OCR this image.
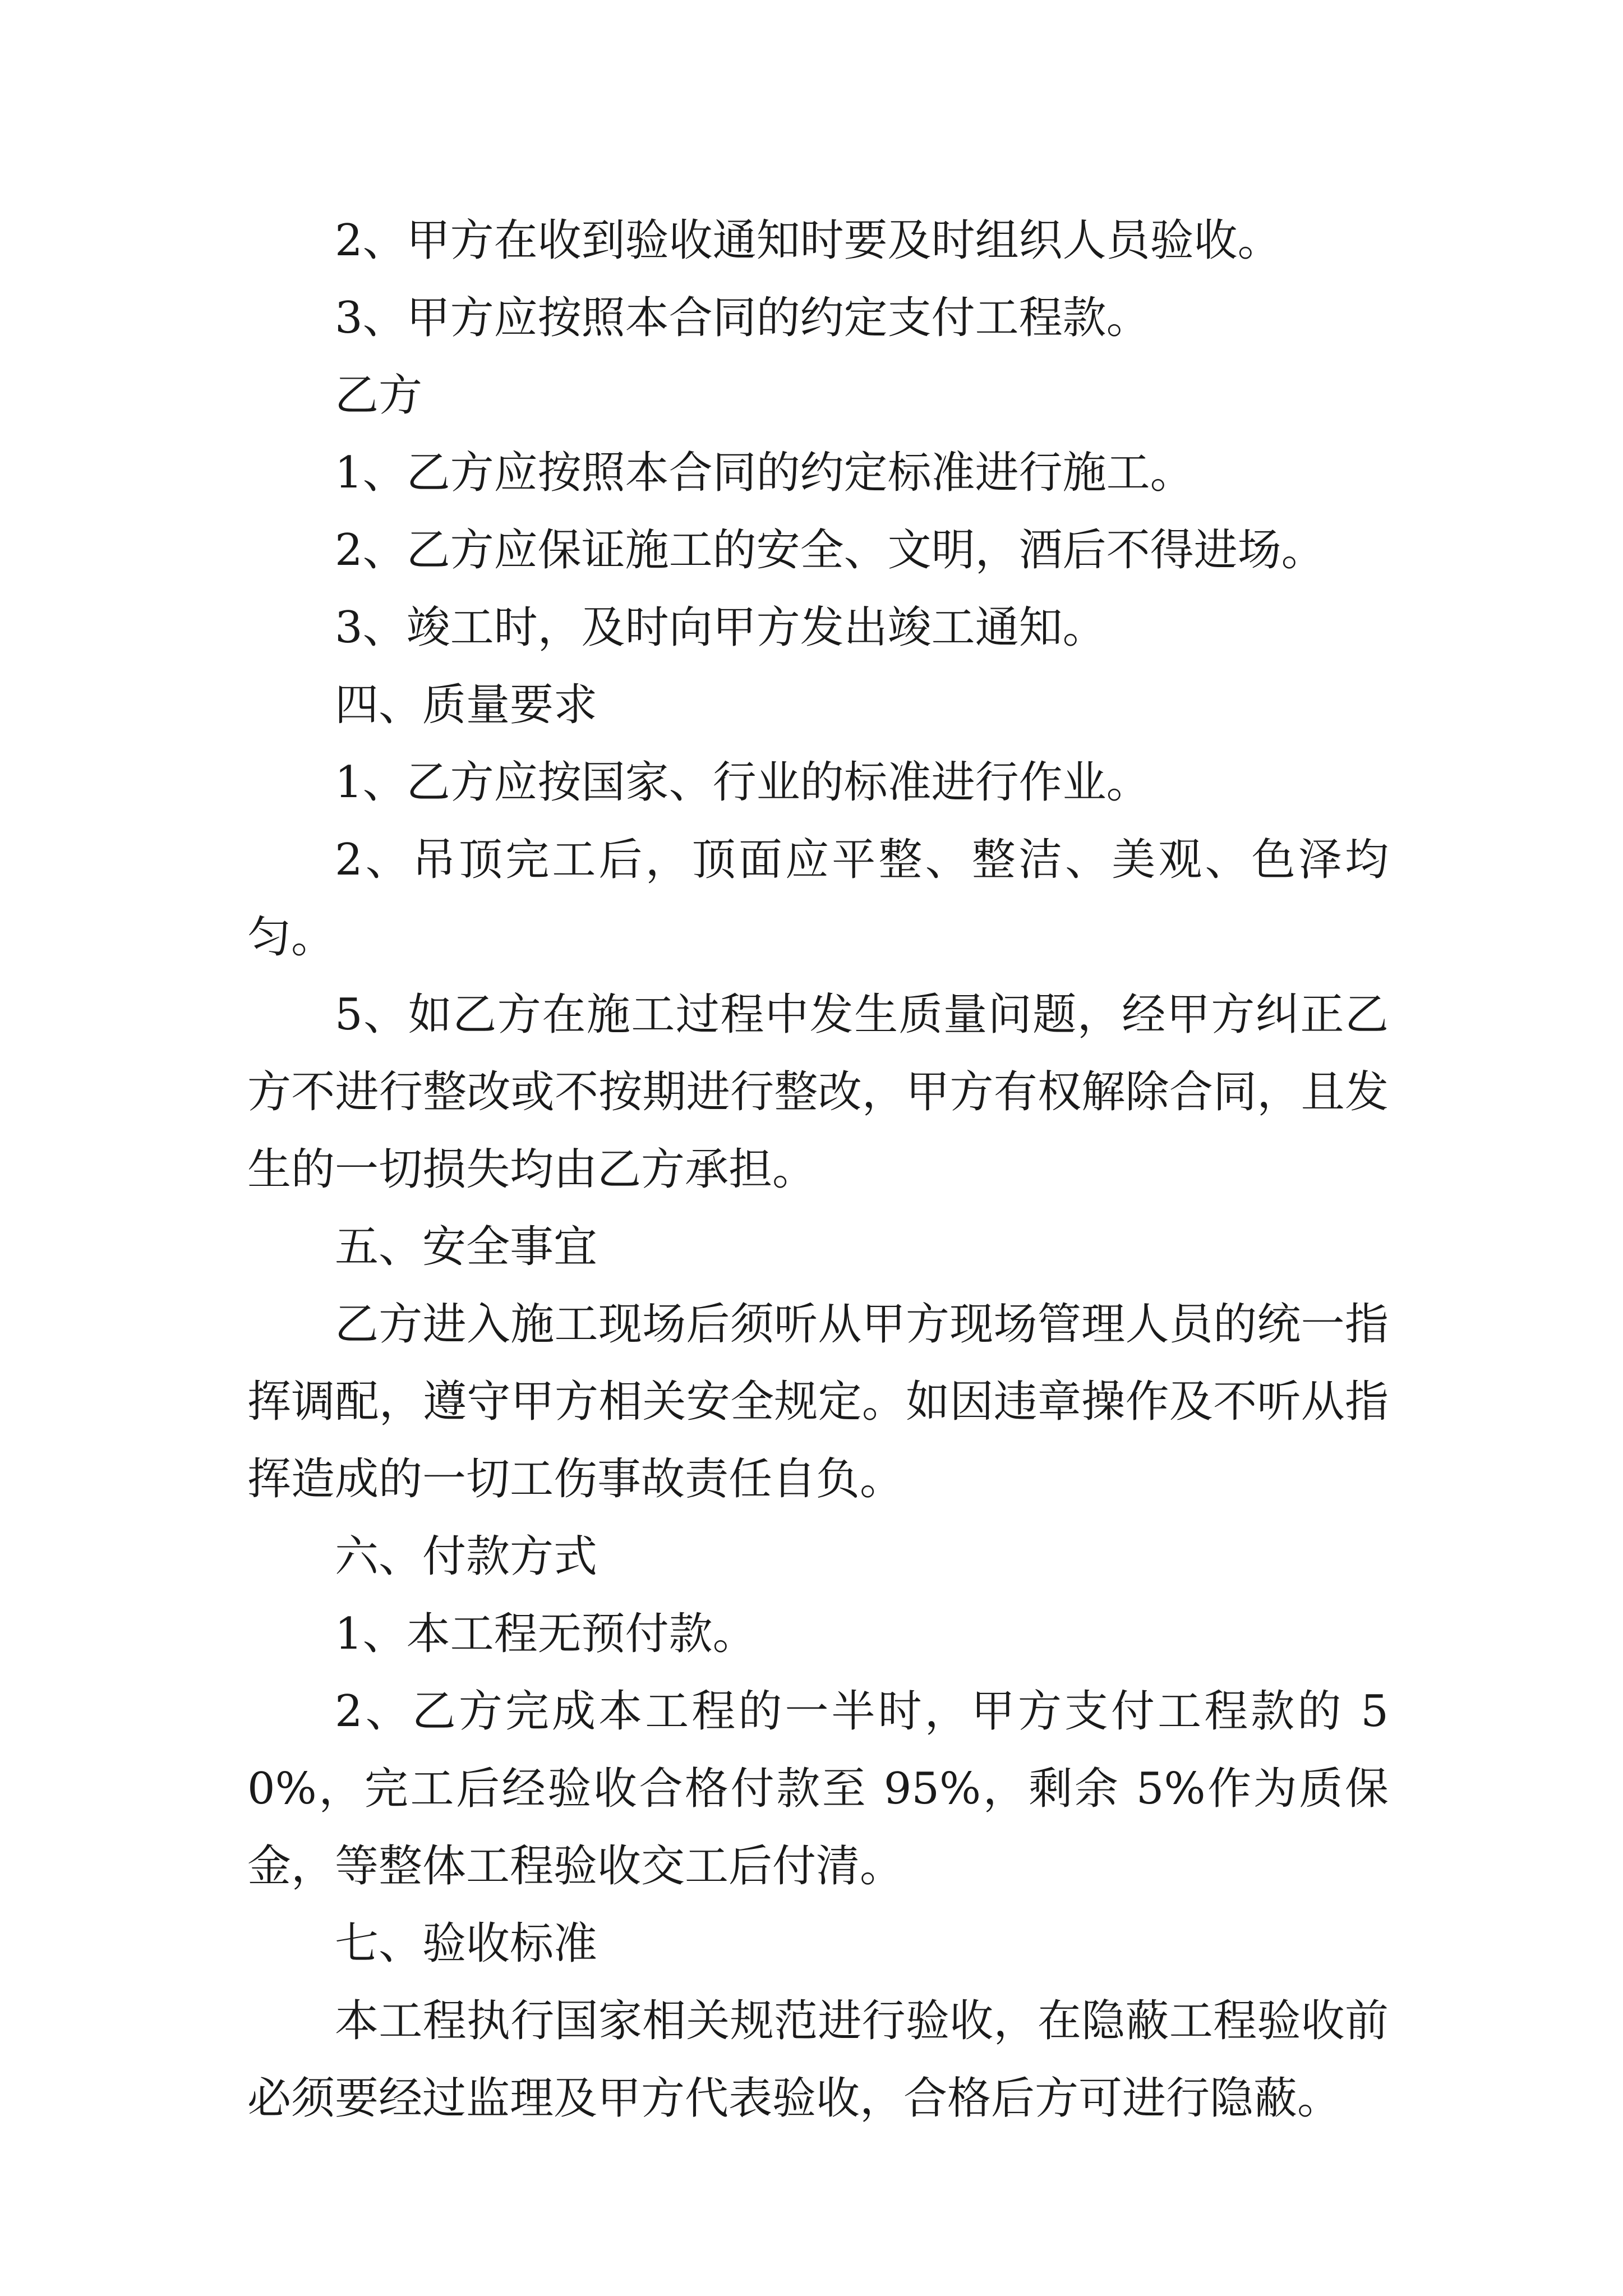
2、甲方在收到验收通知时要及时组织人员验收。

3、甲方应按照本合同的约定支付工程款。

乙方

1、乙方应按照本合同的约定标准进行施工。

2、乙方应保证施工的安全、文明，酒后不得进场。

3、竣工时，及时向甲方发出竣工通知。

四、质量要求

1、乙方应按国家、行业的标准进行作业。

2、吊顶完工后，顶面应平整、整洁、美观、色泽均匀。

5、如乙方在施工过程中发生质量问题，经甲方纠正乙方不进行整改或不按期进行整改，甲方有权解除合同，且发生的一切损失均由乙方承担。

五、安全事宜

乙方进入施工现场后须听从甲方现场管理人员的统一指挥调配，遵守甲方相关安全规定。如因违章操作及不听从指挥造成的一切工伤事故责任自负。

六、付款方式

1、本工程无预付款。

2、乙方完成本工程的一半时，甲方支付工程款的 50%，完工后经验收合格付款至 95%，剩余 5%作为质保金，等整体工程验收交工后付清。

七、验收标准

本工程执行国家相关规范进行验收，在隐蔽工程验收前必须要经过监理及甲方代表验收，合格后方可进行隐蔽。
